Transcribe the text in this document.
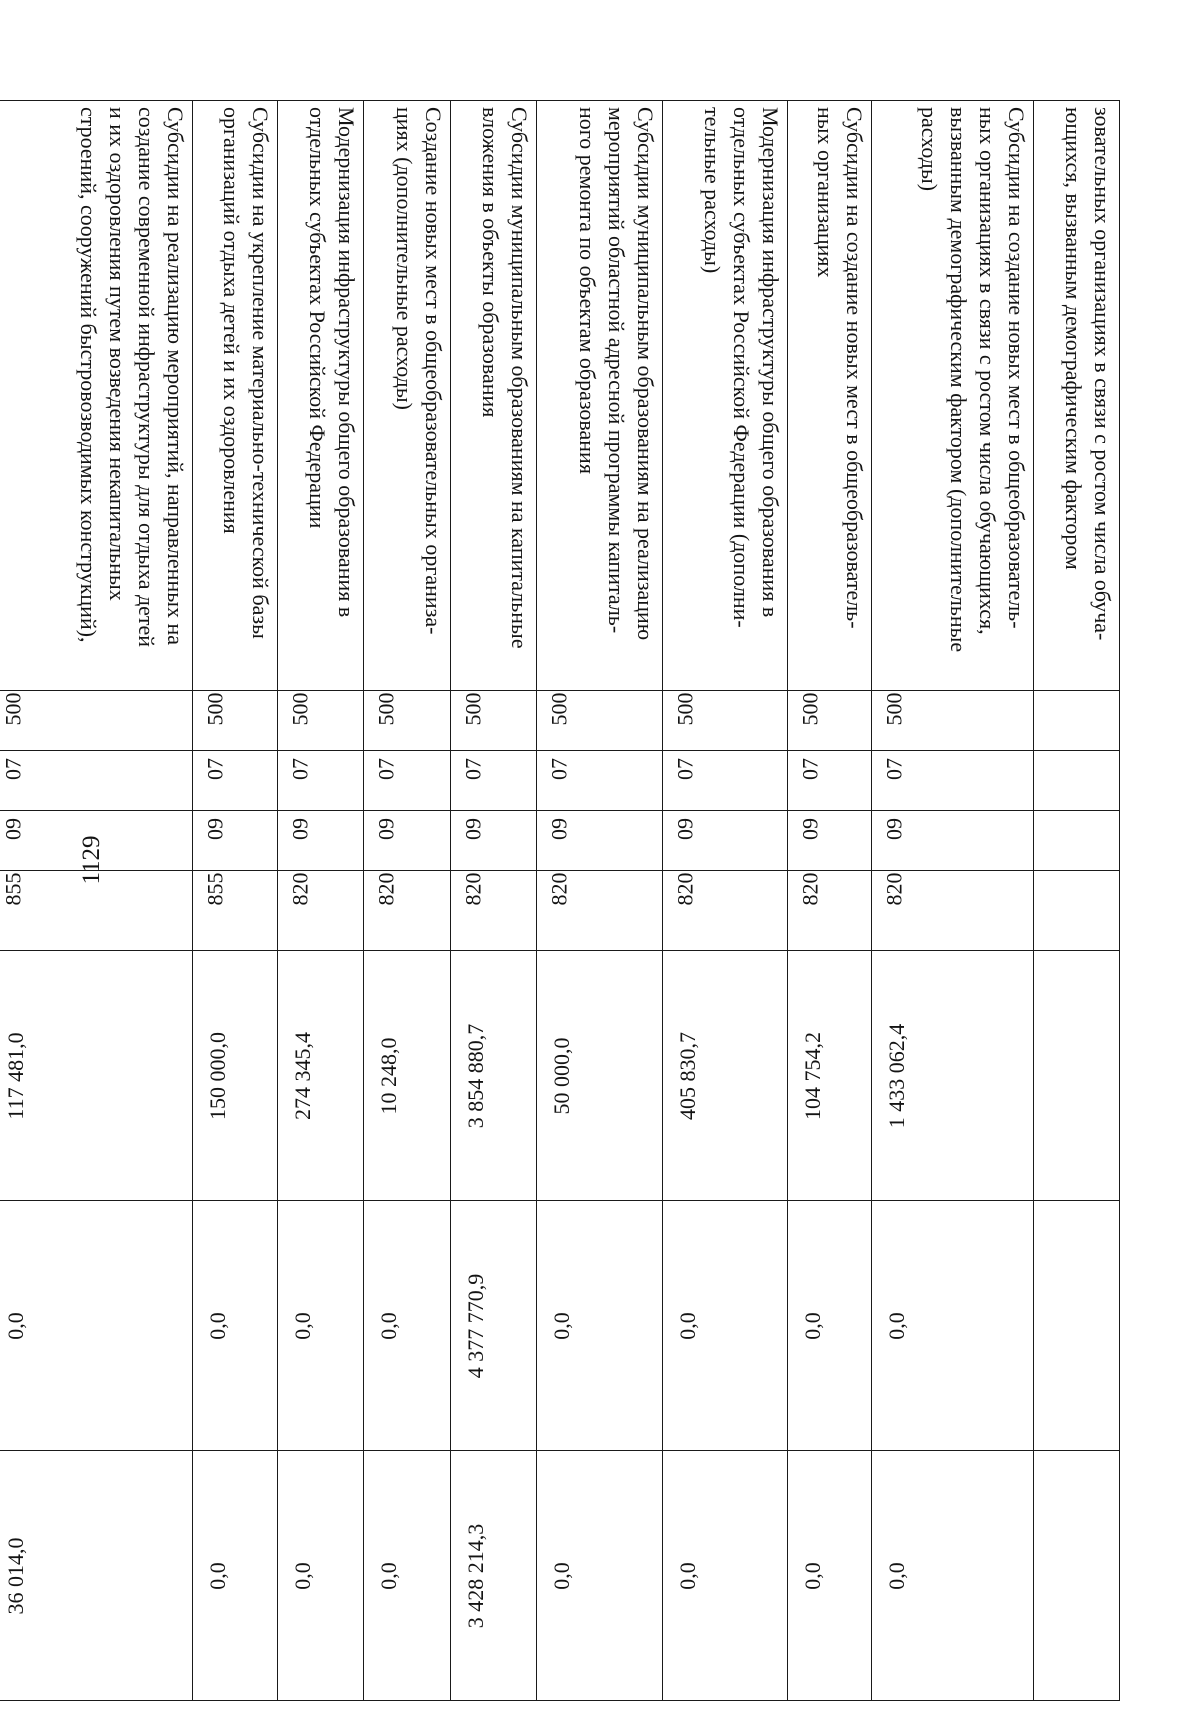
1129
зовательных организациях в связи с ростом числа обуча-
ющихся, вызванным демографическим фактором							

Субсидии на создание новых мест в общеобразователь-
ных организациях в связи с ростом числа обучающихся,
вызванным демографическим фактором (дополнительные
расходы)	500	07	09	820	1 433 062,4	0,0	0,0

Субсидии на создание новых мест в общеобразователь-
ных организациях	500	07	09	820	104 754,2	0,0	0,0

Модернизация инфраструктуры общего образования в
отдельных субъектах Российской Федерации (дополни-
тельные расходы)	500	07	09	820	405 830,7	0,0	0,0

Субсидии муниципальным образованиям на реализацию
мероприятий областной адресной программы капиталь-
ного ремонта по объектам образования	500	07	09	820	50 000,0	0,0	0,0

Субсидии муниципальным образованиям на капитальные
вложения в объекты образования	500	07	09	820	3 854 880,7	4 377 770,9	3 428 214,3

Создание новых мест в общеобразовательных организа-
циях (дополнительные расходы)	500	07	09	820	10 248,0	0,0	0,0

Модернизация инфраструктуры общего образования в
отдельных субъектах Российской Федерации	500	07	09	820	274 345,4	0,0	0,0

Субсидии на укрепление материально-технической базы
организаций отдыха детей и их оздоровления	500	07	09	855	150 000,0	0,0	0,0

Субсидии на реализацию мероприятий, направленных на
создание современной инфраструктуры для отдыха детей
и их оздоровления путем возведения некапитальных
строений, сооружений быстровозводимых конструкций),	500	07	09	855	117 481,0	0,0	36 014,0
